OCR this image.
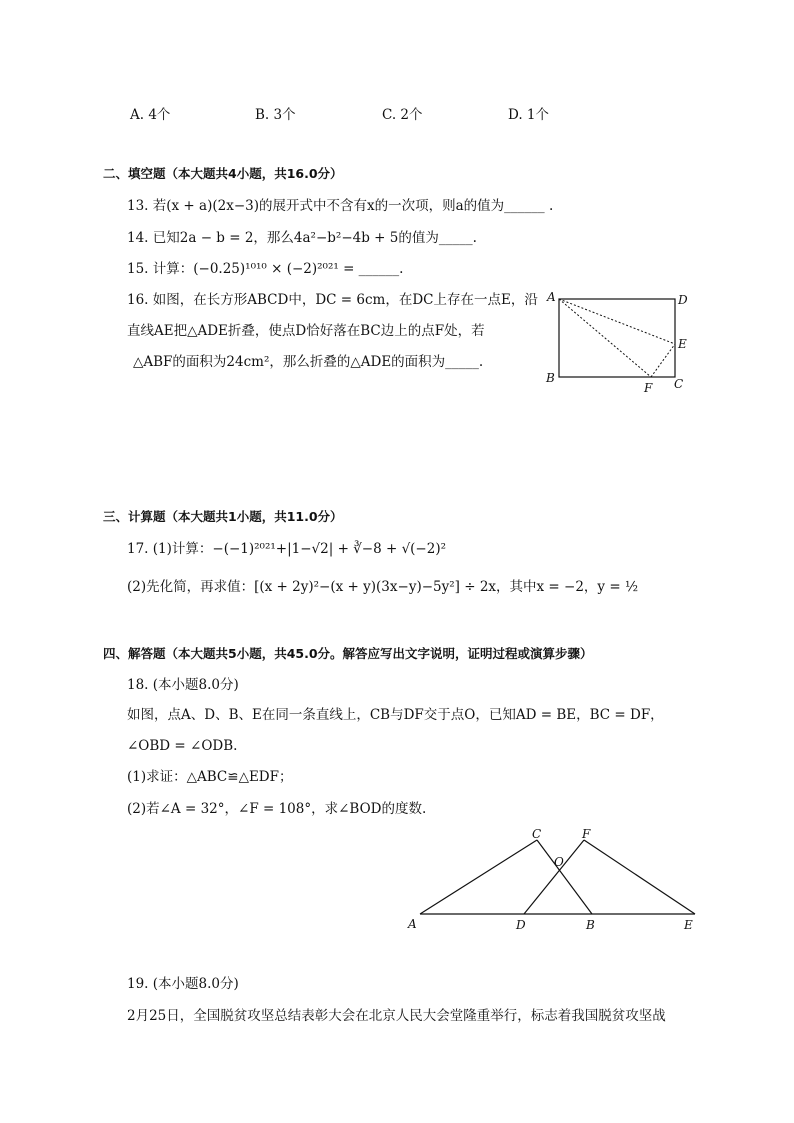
A. 4个	B. 3个	C. 2个	D. 1个
二、填空题（本大题共4小题，共16.0分）
13. 若(x + a)(2x−3)的展开式中不含有x的一次项，则a的值为______ .
14. 已知2a − b = 2，那么4a²−b²−4b + 5的值为_____.
15. 计算：(−0.25)¹⁰¹⁰ × (−2)²⁰²¹ = ______.
16. 如图，在长方形ABCD中，DC = 6cm，在DC上存在一点E，沿
直线AE把△ADE折叠，使点D恰好落在BC边上的点F处，若
△ABF的面积为24cm²，那么折叠的△ADE的面积为_____.
A	D
E
B	C
F
三、计算题（本大题共1小题，共11.0分）
17. (1)计算：−(−1)²⁰²¹+|1−√2| + ∛−8 + √(−2)²
(2)先化简，再求值：[(x + 2y)²−(x + y)(3x−y)−5y²] ÷ 2x，其中x = −2，y = ½
四、解答题（本大题共5小题，共45.0分。解答应写出文字说明，证明过程或演算步骤）
18. (本小题8.0分)
如图，点A、D、B、E在同一条直线上，CB与DF交于点O，已知AD = BE，BC = DF，
∠OBD = ∠ODB.
(1)求证：△ABC≌△EDF；
(2)若∠A = 32°，∠F = 108°，求∠BOD的度数.
A	D	B	E
C	F
O
19. (本小题8.0分)
2月25日，全国脱贫攻坚总结表彰大会在北京人民大会堂隆重举行，标志着我国脱贫攻坚战
